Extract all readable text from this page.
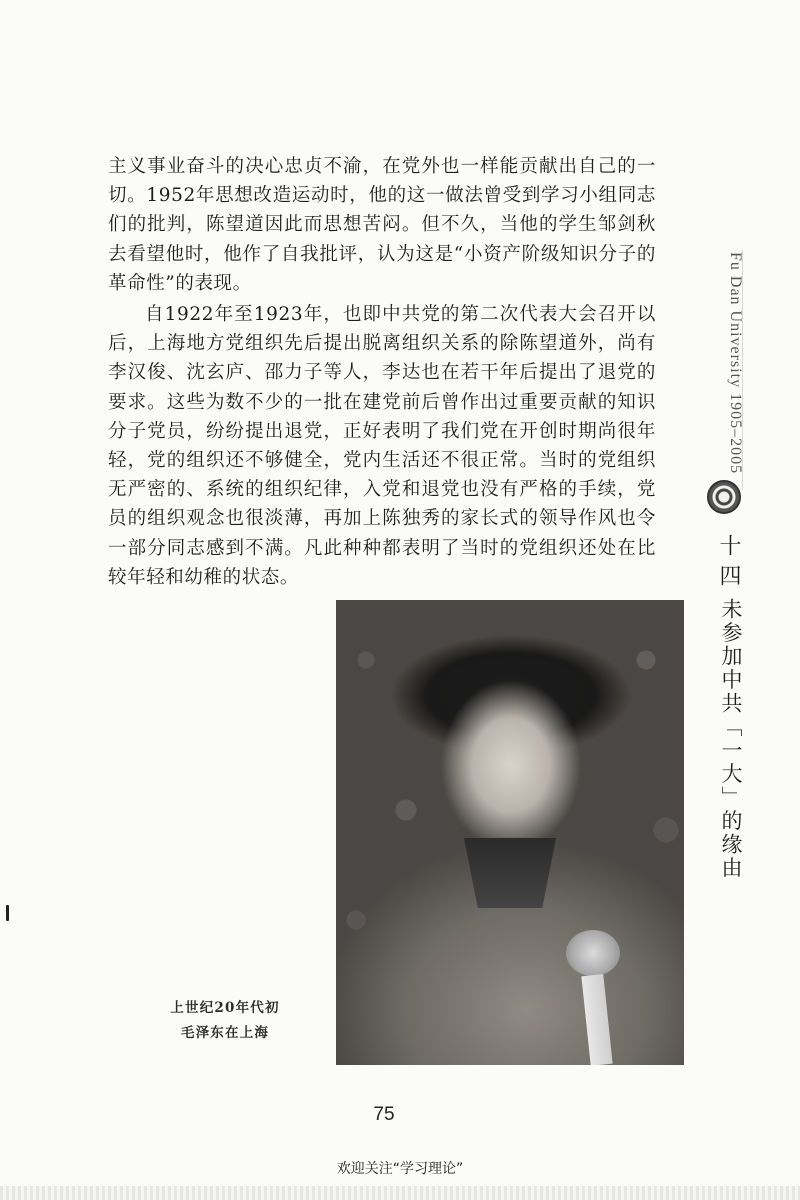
主义事业奋斗的决心忠贞不渝，在党外也一样能贡献出自己的一切。1952年思想改造运动时，他的这一做法曾受到学习小组同志们的批判，陈望道因此而思想苦闷。但不久，当他的学生邹剑秋去看望他时，他作了自我批评，认为这是“小资产阶级知识分子的革命性”的表现。

自1922年至1923年，也即中共党的第二次代表大会召开以后，上海地方党组织先后提出脱离组织关系的除陈望道外，尚有李汉俊、沈玄庐、邵力子等人，李达也在若干年后提出了退党的要求。这些为数不少的一批在建党前后曾作出过重要贡献的知识分子党员，纷纷提出退党，正好表明了我们党在开创时期尚很年轻，党的组织还不够健全，党内生活还不很正常。当时的党组织无严密的、系统的组织纪律，入党和退党也没有严格的手续，党员的组织观念也很淡薄，再加上陈独秀的家长式的领导作风也令一部分同志感到不满。凡此种种都表明了当时的党组织还处在比较年轻和幼稚的状态。

上世纪20年代初
毛泽东在上海
Fu Dan University 1905–2005
十四
未参加中共「一大」的缘由
75
欢迎关注“学习理论”
